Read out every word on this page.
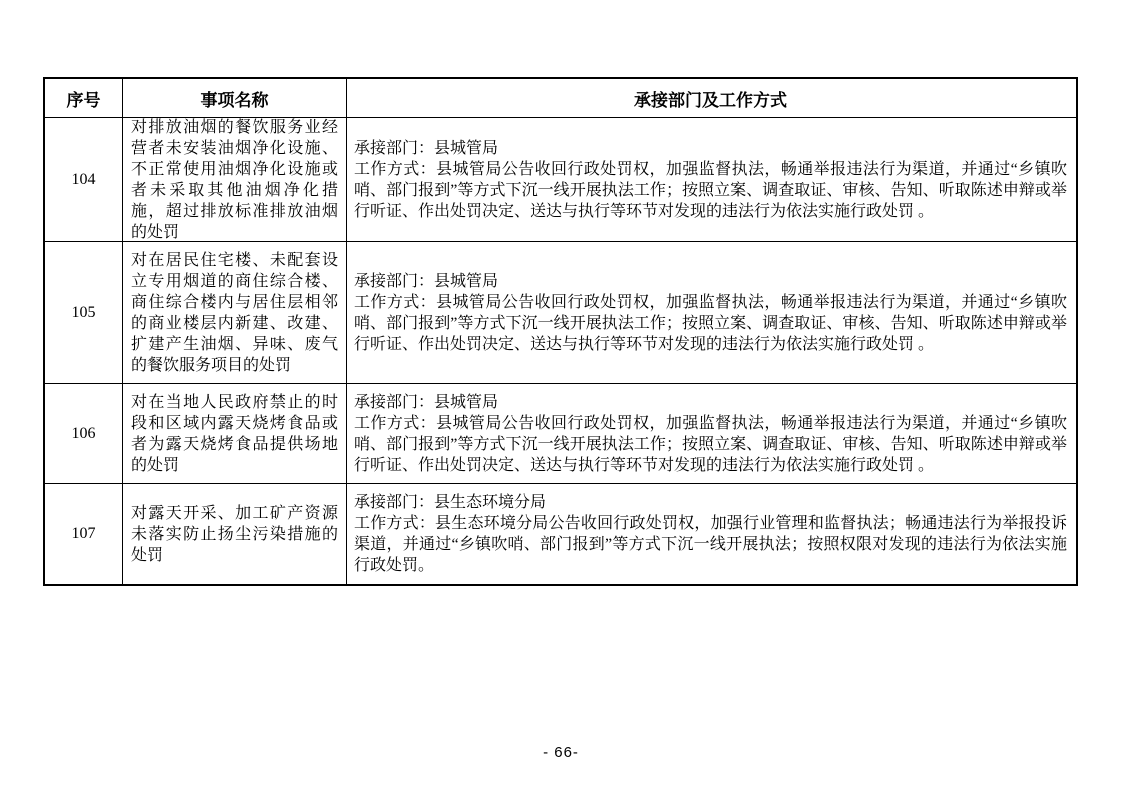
序号	事项名称	承接部门及工作方式
104
对排放油烟的餐饮服务业经营者未安装油烟净化设施、不正常使用油烟净化设施或者未采取其他油烟净化措施，超过排放标准排放油烟的处罚

承接部门：县城管局

工作方式：县城管局公告收回行政处罚权，加强监督执法，畅通举报违法行为渠道，并通过“乡镇吹哨、部门报到”等方式下沉一线开展执法工作；按照立案、调查取证、审核、告知、听取陈述申辩或举行听证、作出处罚决定、送达与执行等环节对发现的违法行为依法实施行政处罚 。

105
对在居民住宅楼、未配套设立专用烟道的商住综合楼、商住综合楼内与居住层相邻的商业楼层内新建、改建、扩建产生油烟、异味、废气的餐饮服务项目的处罚

承接部门：县城管局

工作方式：县城管局公告收回行政处罚权，加强监督执法，畅通举报违法行为渠道，并通过“乡镇吹哨、部门报到”等方式下沉一线开展执法工作；按照立案、调查取证、审核、告知、听取陈述申辩或举行听证、作出处罚决定、送达与执行等环节对发现的违法行为依法实施行政处罚 。

106
对在当地人民政府禁止的时段和区域内露天烧烤食品或者为露天烧烤食品提供场地的处罚

承接部门：县城管局

工作方式：县城管局公告收回行政处罚权，加强监督执法，畅通举报违法行为渠道，并通过“乡镇吹哨、部门报到”等方式下沉一线开展执法工作；按照立案、调查取证、审核、告知、听取陈述申辩或举行听证、作出处罚决定、送达与执行等环节对发现的违法行为依法实施行政处罚 。

107
对露天开采、加工矿产资源未落实防止扬尘污染措施的处罚

承接部门：县生态环境分局

工作方式：县生态环境分局公告收回行政处罚权，加强行业管理和监督执法；畅通违法行为举报投诉渠道，并通过“乡镇吹哨、部门报到”等方式下沉一线开展执法；按照权限对发现的违法行为依法实施行政处罚。

- 66-
